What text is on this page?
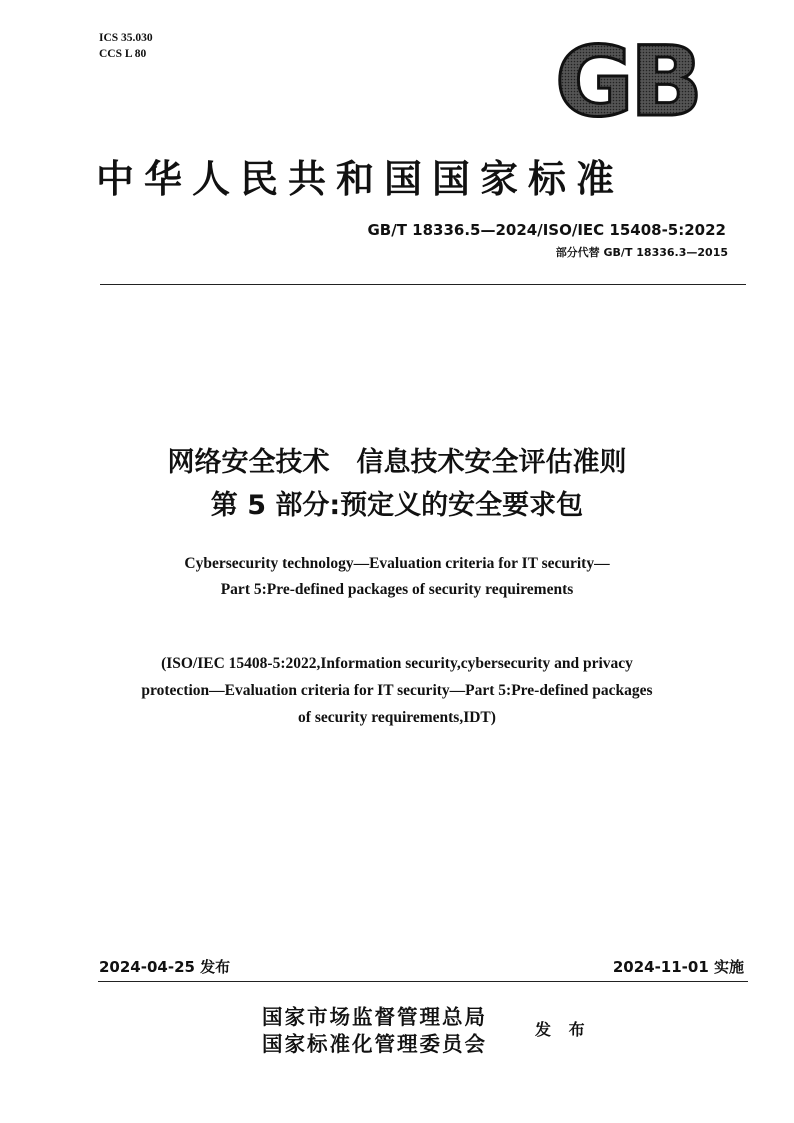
ICS 35.030
CCS L 80	GB
中华人民共和国国家标准
GB/T 18336.5—2024/ISO/IEC 15408-5:2022
部分代替 GB/T 18336.3—2015
网络安全技术　信息技术安全评估准则
第 5 部分:预定义的安全要求包
Cybersecurity technology—Evaluation criteria for IT security—
Part 5:Pre-defined packages of security requirements
(ISO/IEC 15408-5:2022,Information security,cybersecurity and privacy
protection—Evaluation criteria for IT security—Part 5:Pre-defined packages
of security requirements,IDT)
2024-04-25 发布	2024-11-01 实施
国家市场监督管理总局
国家标准化管理委员会
发 布
